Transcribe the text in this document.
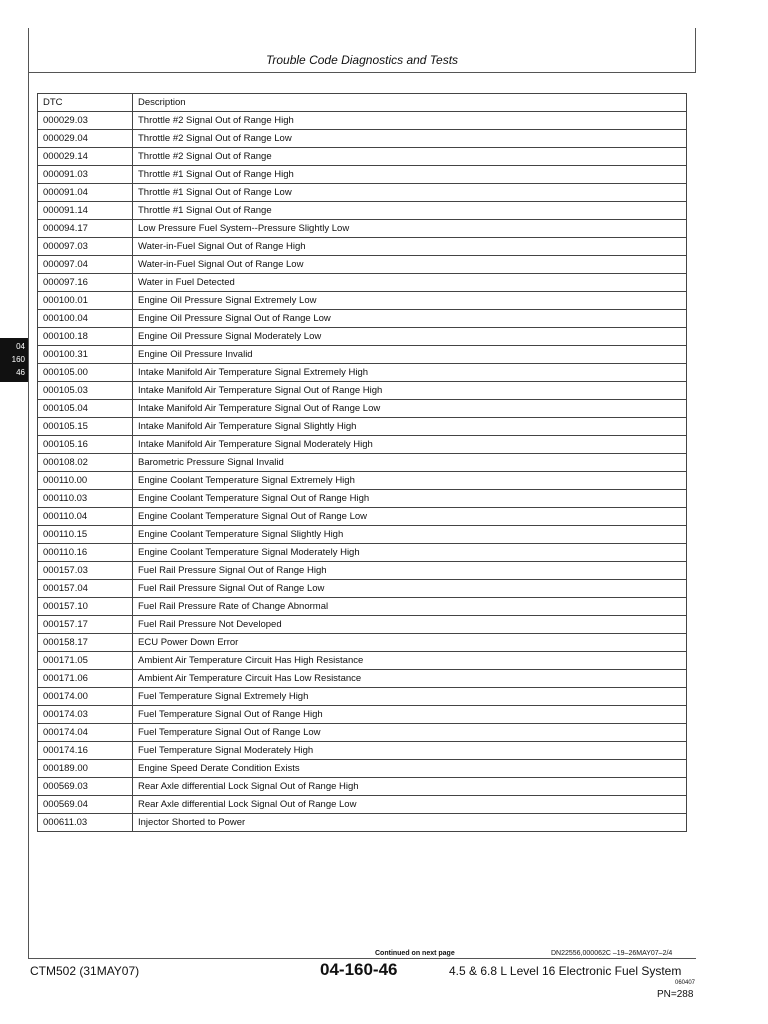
Trouble Code Diagnostics and Tests
04
160
46
DTC	Description
000029.03	Throttle #2 Signal Out of Range High
000029.04	Throttle #2 Signal Out of Range Low
000029.14	Throttle #2 Signal Out of Range
000091.03	Throttle #1 Signal Out of Range High
000091.04	Throttle #1 Signal Out of Range Low
000091.14	Throttle #1 Signal Out of Range
000094.17	Low Pressure Fuel System--Pressure Slightly Low
000097.03	Water-in-Fuel Signal Out of Range High
000097.04	Water-in-Fuel Signal Out of Range Low
000097.16	Water in Fuel Detected
000100.01	Engine Oil Pressure Signal Extremely Low
000100.04	Engine Oil Pressure Signal Out of Range Low
000100.18	Engine Oil Pressure Signal Moderately Low
000100.31	Engine Oil Pressure Invalid
000105.00	Intake Manifold Air Temperature Signal Extremely High
000105.03	Intake Manifold Air Temperature Signal Out of Range High
000105.04	Intake Manifold Air Temperature Signal Out of Range Low
000105.15	Intake Manifold Air Temperature Signal Slightly High
000105.16	Intake Manifold Air Temperature Signal Moderately High
000108.02	Barometric Pressure Signal Invalid
000110.00	Engine Coolant Temperature Signal Extremely High
000110.03	Engine Coolant Temperature Signal Out of Range High
000110.04	Engine Coolant Temperature Signal Out of Range Low
000110.15	Engine Coolant Temperature Signal Slightly High
000110.16	Engine Coolant Temperature Signal Moderately High
000157.03	Fuel Rail Pressure Signal Out of Range High
000157.04	Fuel Rail Pressure Signal Out of Range Low
000157.10	Fuel Rail Pressure Rate of Change Abnormal
000157.17	Fuel Rail Pressure Not Developed
000158.17	ECU Power Down Error
000171.05	Ambient Air Temperature Circuit Has High Resistance
000171.06	Ambient Air Temperature Circuit Has Low Resistance
000174.00	Fuel Temperature Signal Extremely High
000174.03	Fuel Temperature Signal Out of Range High
000174.04	Fuel Temperature Signal Out of Range Low
000174.16	Fuel Temperature Signal Moderately High
000189.00	Engine Speed Derate Condition Exists
000569.03	Rear Axle differential Lock Signal Out of Range High
000569.04	Rear Axle differential Lock Signal Out of Range Low
000611.03	Injector Shorted to Power
Continued on next page	DN22556,000062C –19–26MAY07–2/4
CTM502 (31MAY07)	04-160-46	4.5 & 6.8 L Level 16 Electronic Fuel System
060407
PN=288
